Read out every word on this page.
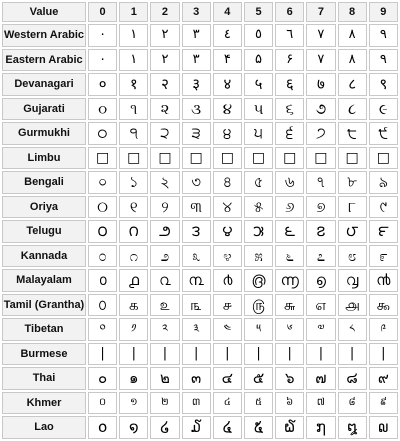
Value	0	1	2	3	4	5	6	7	8	9
Western Arabic	٠	١	٢	٣	٤	٥	٦	٧	٨	٩
Eastern Arabic	۰	۱	۲	۳	۴	۵	۶	۷	۸	۹
Devanagari	०	१	२	३	४	५	६	७	८	९
Gujarati	૦	૧	૨	૩	૪	૫	૬	૭	૮	૯
Gurmukhi	੦	੧	੨	੩	੪	੫	੬	੭	੮	੯
Limbu	□	□	□	□	□	□	□	□	□	□
Bengali	০	১	২	৩	৪	৫	৬	৭	৮	৯
Oriya	୦	୧	୨	୩	୪	୫	୬	୭	୮	୯
Telugu	౦	౧	౨	౩	౪	౫	౬	౭	౮	౯
Kannada	೦	೧	೨	೩	೪	೫	೬	೭	೮	೯
Malayalam	൦	൧	൨	൩	൪	൫	൬	൭	൮	൯
Tamil (Grantha)	௦	௧	௨	௩	௪	௫	௬	௭	௮	௯
Tibetan	༠	༡	༢	༣	༤	༥	༦	༧	༨	༩
Burmese	|	|	|	|	|	|	|	|	|	|
Thai	๐	๑	๒	๓	๔	๕	๖	๗	๘	๙
Khmer	០	១	២	៣	៤	៥	៦	៧	៨	៩
Lao	໐	໑	໒	໓	໔	໕	໖	໗	໘	໙
